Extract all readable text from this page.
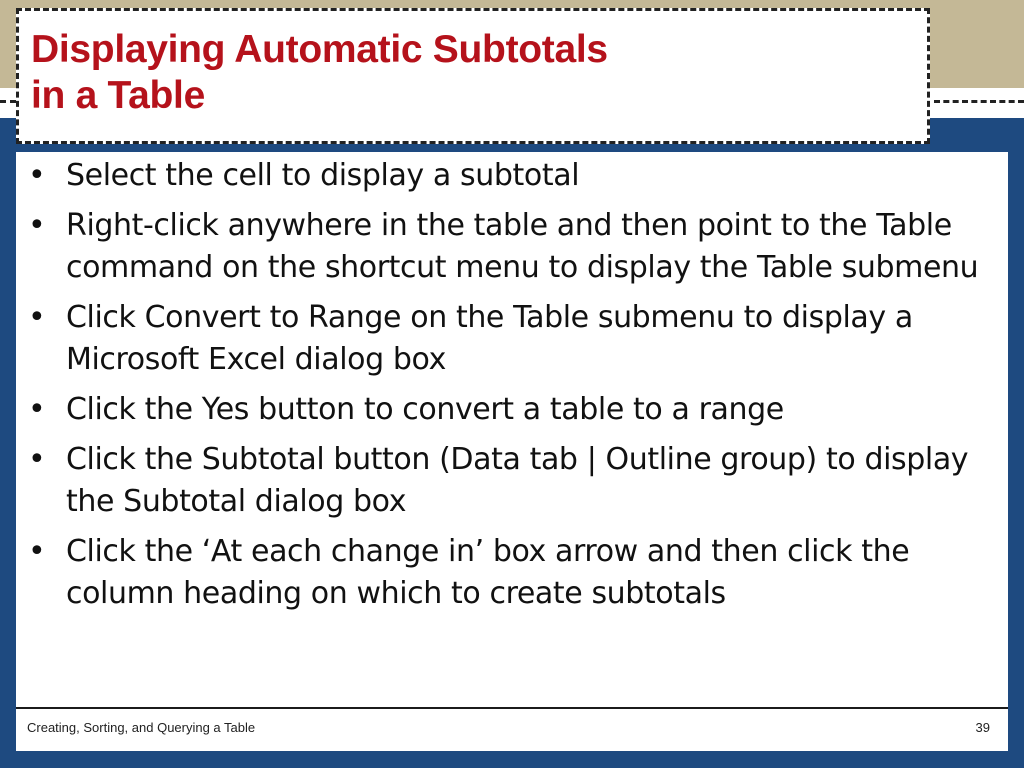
Displaying Automatic Subtotals
in a Table
• Select the cell to display a subtotal
• Right-click anywhere in the table and then point to the Table command on the shortcut menu to display the Table submenu
• Click Convert to Range on the Table submenu to display a Microsoft Excel dialog box
• Click the Yes button to convert a table to a range
• Click the Subtotal button (Data tab | Outline group) to display the Subtotal dialog box
• Click the ‘At each change in’ box arrow and then click the column heading on which to create subtotals
Creating, Sorting, and Querying a Table	39
